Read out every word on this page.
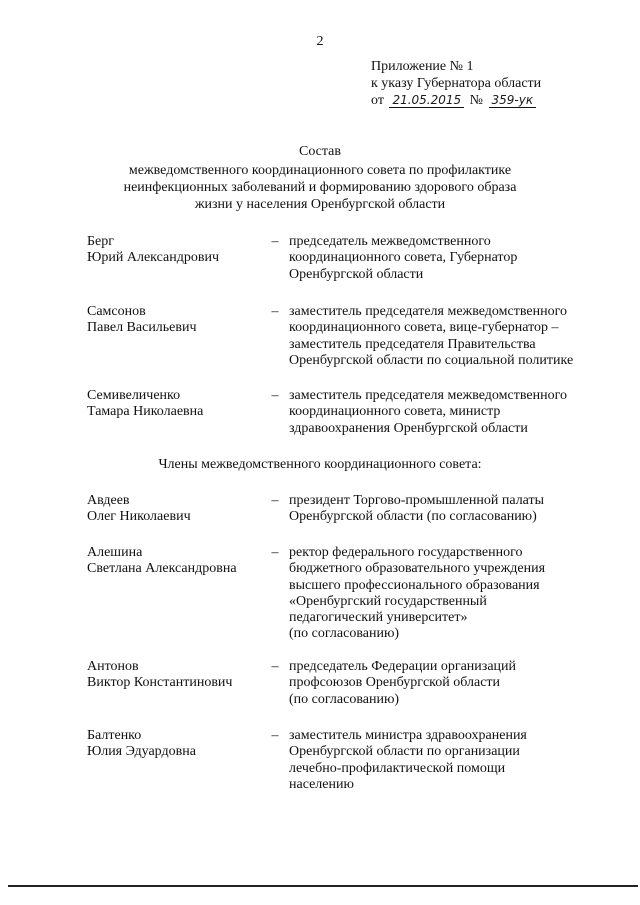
2
Приложение № 1
к указу Губернатора области
от 21.05.2015 № 359-ук
Состав
межведомственного координационного совета по профилактике
неинфекционных заболеваний и формированию здорового образа
жизни у населения Оренбургской области
Берг
Юрий Александрович
– председатель межведомственного
координационного совета, Губернатор
Оренбургской области
Самсонов
Павел Васильевич
– заместитель председателя межведомственного
координационного совета, вице-губернатор –
заместитель председателя Правительства
Оренбургской области по социальной политике
Семивеличенко
Тамара Николаевна
– заместитель председателя межведомственного
координационного совета, министр
здравоохранения Оренбургской области
Члены межведомственного координационного совета:
Авдеев
Олег Николаевич
– президент Торгово-промышленной палаты
Оренбургской области (по согласованию)
Алешина
Светлана Александровна
– ректор федерального государственного
бюджетного образовательного учреждения
высшего профессионального образования
«Оренбургский государственный
педагогический университет»
(по согласованию)
Антонов
Виктор Константинович
– председатель Федерации организаций
профсоюзов Оренбургской области
(по согласованию)
Балтенко
Юлия Эдуардовна
– заместитель министра здравоохранения
Оренбургской области по организации
лечебно-профилактической помощи
населению
